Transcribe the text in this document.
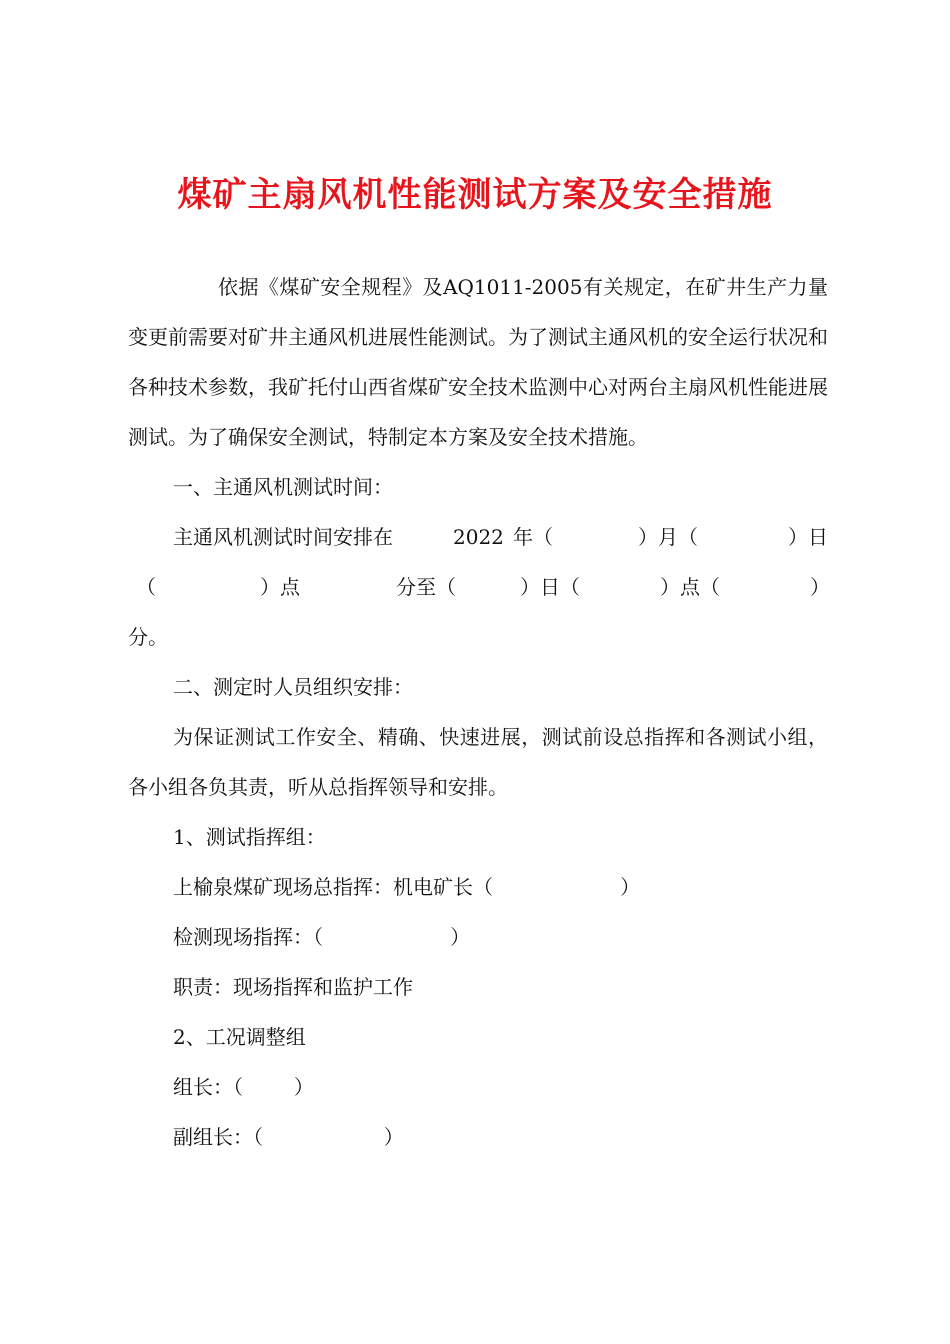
煤矿主扇风机性能测试方案及安全措施

依据《煤矿安全规程》及AQ1011-2005有关规定，在矿井生产力量变更前需要对矿井主通风机进展性能测试。为了测试主通风机的安全运行状况和各种技术参数，我矿托付山西省煤矿安全技术监测中心对两台主扇风机性能进展测试。为了确保安全测试，特制定本方案及安全技术措施。

一、主通风机测试时间：

主通风机测试时间安排在

	2022

年（

	）月（

	）日

（

	）点

	分至（

	）日（

	）点（

	）

分。

二、测定时人员组织安排：

为保证测试工作安全、精确、快速进展，测试前设总指挥和各测试小组，各小组各负其责，听从总指挥领导和安排。

1、测试指挥组：

上榆泉煤矿现场总指挥：机电矿长（                    ）

检测现场指挥：（                    ）

职责：现场指挥和监护工作

2、工况调整组

组长：（        ）

副组长：（                   ）
